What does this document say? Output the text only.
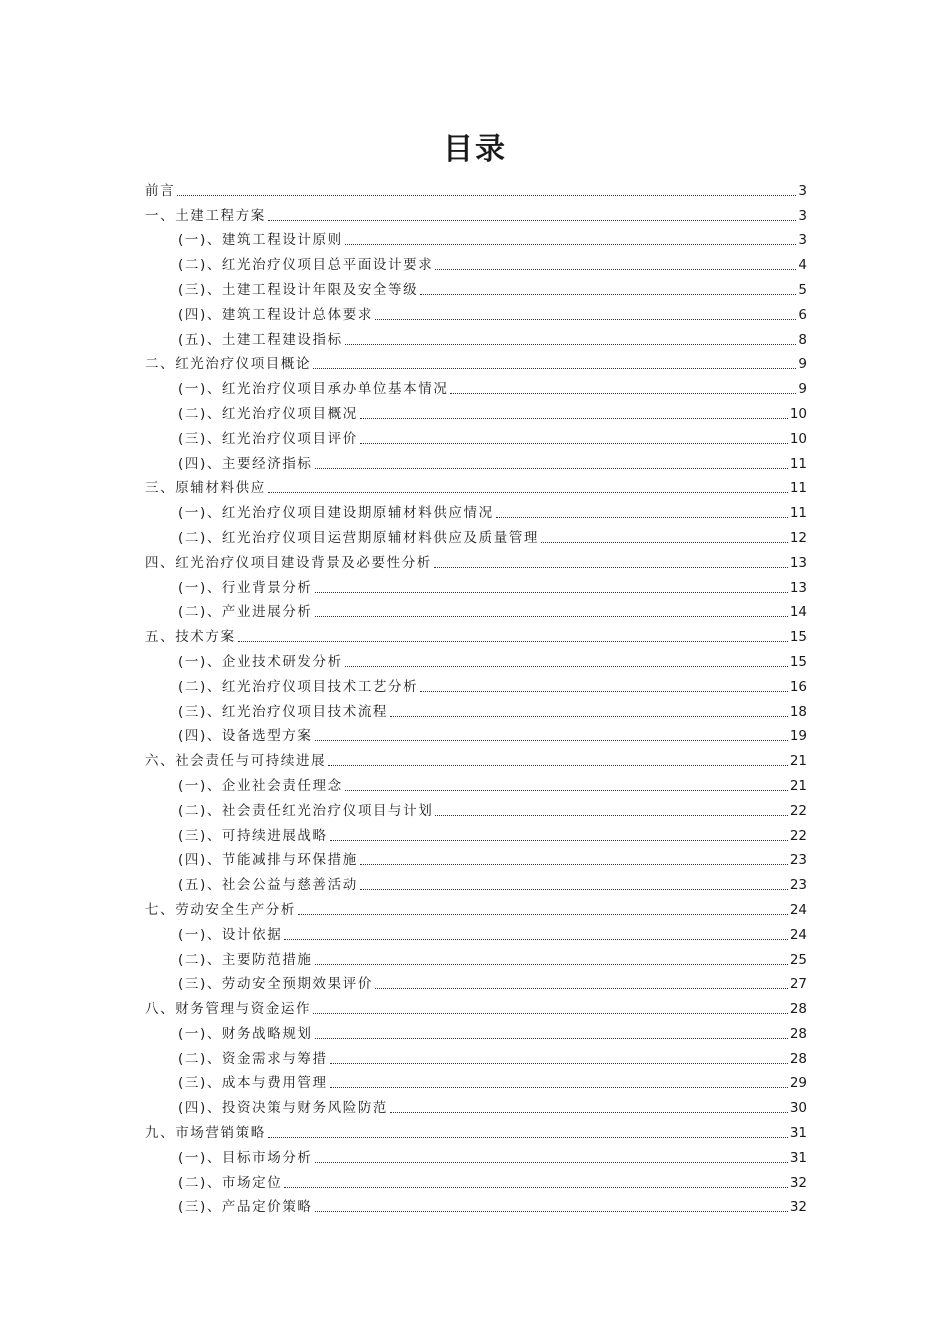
目录
前言	3
一、土建工程方案	3
(一)、建筑工程设计原则	3
(二)、红光治疗仪项目总平面设计要求	4
(三)、土建工程设计年限及安全等级	5
(四)、建筑工程设计总体要求	6
(五)、土建工程建设指标	8
二、红光治疗仪项目概论	9
(一)、红光治疗仪项目承办单位基本情况	9
(二)、红光治疗仪项目概况	10
(三)、红光治疗仪项目评价	10
(四)、主要经济指标	11
三、原辅材料供应	11
(一)、红光治疗仪项目建设期原辅材料供应情况	11
(二)、红光治疗仪项目运营期原辅材料供应及质量管理	12
四、红光治疗仪项目建设背景及必要性分析	13
(一)、行业背景分析	13
(二)、产业进展分析	14
五、技术方案	15
(一)、企业技术研发分析	15
(二)、红光治疗仪项目技术工艺分析	16
(三)、红光治疗仪项目技术流程	18
(四)、设备选型方案	19
六、社会责任与可持续进展	21
(一)、企业社会责任理念	21
(二)、社会责任红光治疗仪项目与计划	22
(三)、可持续进展战略	22
(四)、节能减排与环保措施	23
(五)、社会公益与慈善活动	23
七、劳动安全生产分析	24
(一)、设计依据	24
(二)、主要防范措施	25
(三)、劳动安全预期效果评价	27
八、财务管理与资金运作	28
(一)、财务战略规划	28
(二)、资金需求与筹措	28
(三)、成本与费用管理	29
(四)、投资决策与财务风险防范	30
九、市场营销策略	31
(一)、目标市场分析	31
(二)、市场定位	32
(三)、产品定价策略	32
